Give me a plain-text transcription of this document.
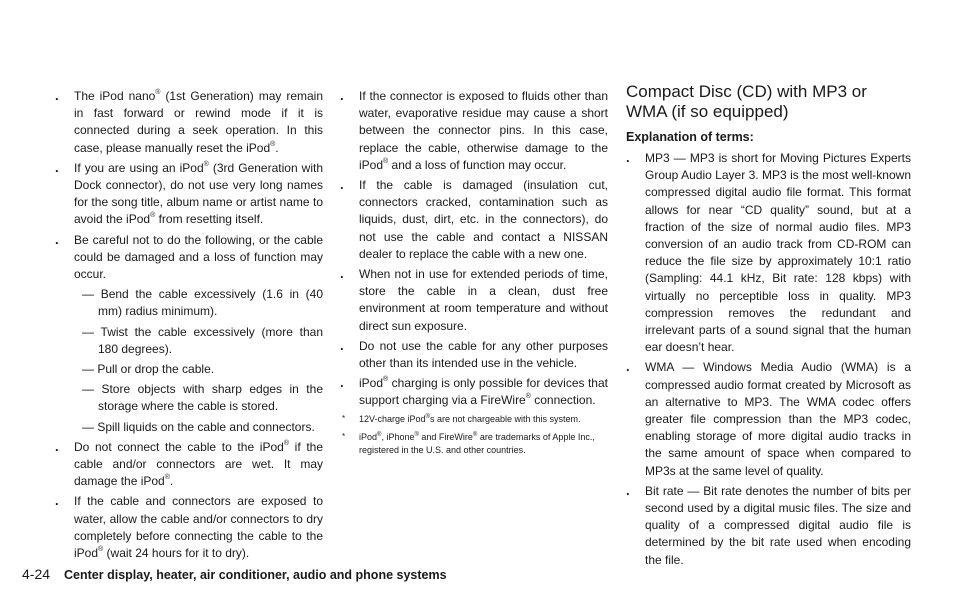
. The iPod nano® (1st Generation) may remain in fast forward or rewind mode if it is connected during a seek operation. In this case, please manually reset the iPod®.
. If you are using an iPod® (3rd Generation with Dock connector), do not use very long names for the song title, album name or artist name to avoid the iPod® from resetting itself.
. Be careful not to do the following, or the cable could be damaged and a loss of function may occur.
— Bend the cable excessively (1.6 in (40 mm) radius minimum).
— Twist the cable excessively (more than 180 degrees).
— Pull or drop the cable.
— Store objects with sharp edges in the storage where the cable is stored.
— Spill liquids on the cable and connectors.
. Do not connect the cable to the iPod® if the cable and/or connectors are wet. It may damage the iPod®.
. If the cable and connectors are exposed to water, allow the cable and/or connectors to dry completely before connecting the cable to the iPod® (wait 24 hours for it to dry).
. If the connector is exposed to fluids other than water, evaporative residue may cause a short between the connector pins. In this case, replace the cable, otherwise damage to the iPod® and a loss of function may occur.
. If the cable is damaged (insulation cut, connectors cracked, contamination such as liquids, dust, dirt, etc. in the connectors), do not use the cable and contact a NISSAN dealer to replace the cable with a new one.
. When not in use for extended periods of time, store the cable in a clean, dust free environment at room temperature and without direct sun exposure.
. Do not use the cable for any other purposes other than its intended use in the vehicle.
. iPod® charging is only possible for devices that support charging via a FireWire® connection.
* 12V-charge iPod®s are not chargeable with this system.
* iPod®, iPhone® and FireWire® are trademarks of Apple Inc., registered in the U.S. and other countries.
Compact Disc (CD) with MP3 or WMA (if so equipped)
Explanation of terms:
. MP3 — MP3 is short for Moving Pictures Experts Group Audio Layer 3. MP3 is the most well-known compressed digital audio file format. This format allows for near “CD quality” sound, but at a fraction of the size of normal audio files. MP3 conversion of an audio track from CD-ROM can reduce the file size by approximately 10:1 ratio (Sampling: 44.1 kHz, Bit rate: 128 kbps) with virtually no perceptible loss in quality. MP3 compression removes the redundant and irrelevant parts of a sound signal that the human ear doesn’t hear.
. WMA — Windows Media Audio (WMA) is a compressed audio format created by Microsoft as an alternative to MP3. The WMA codec offers greater file compression than the MP3 codec, enabling storage of more digital audio tracks in the same amount of space when compared to MP3s at the same level of quality.
. Bit rate — Bit rate denotes the number of bits per second used by a digital music files. The size and quality of a compressed digital audio file is determined by the bit rate used when encoding the file.
4-24 Center display, heater, air conditioner, audio and phone systems
